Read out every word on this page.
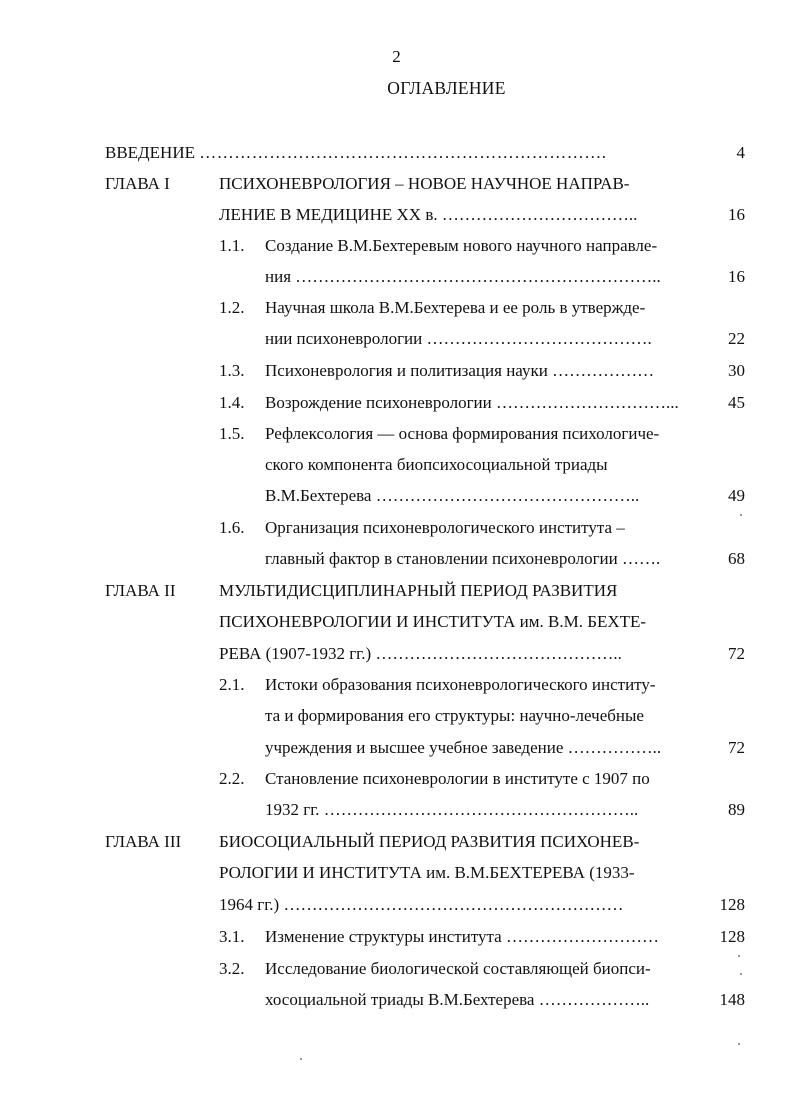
2
ОГЛАВЛЕНИЕ
ВВЕДЕНИЕ …………………………………………………………….	4
ГЛАВА I	ПСИХОНЕВРОЛОГИЯ – НОВОЕ НАУЧНОЕ НАПРАВ-
ЛЕНИЕ В МЕДИЦИНЕ ХХ в. ……………………………..	16
1.1. Создание В.М.Бехтеревым нового научного направле-
ния ………………………………………………………..	16
1.2. Научная школа В.М.Бехтерева и ее роль в утвержде-
нии психоневрологии ………………………………….	22
1.3. Психоневрология и политизация науки ………………	30
1.4. Возрождение психоневрологии …………………………...	45
1.5. Рефлексология — основа формирования психологиче-
ского компонента биопсихосоциальной триады
В.М.Бехтерева ………………………………………..	49
1.6. Организация психоневрологического института –
главный фактор в становлении психоневрологии …….	68
ГЛАВА II	МУЛЬТИДИСЦИПЛИНАРНЫЙ ПЕРИОД РАЗВИТИЯ
ПСИХОНЕВРОЛОГИИ И ИНСТИТУТА им. В.М. БЕХТЕ-
РЕВА (1907-1932 гг.) ……………………………………..	72
2.1. Истоки образования психоневрологического институ-
та и формирования его структуры: научно-лечебные
учреждения и высшее учебное заведение ……………..	72
2.2. Становление психоневрологии в институте с 1907 по
1932 гг. ………………………………………………..	89
ГЛАВА III БИОСОЦИАЛЬНЫЙ ПЕРИОД РАЗВИТИЯ ПСИХОНЕВ-
РОЛОГИИ И ИНСТИТУТА им. В.М.БЕХТЕРЕВА (1933-
1964 гг.) ……………………………………………………	128
3.1. Изменение структуры института ………………………	128
3.2. Исследование биологической составляющей биопси-
хосоциальной триады В.М.Бехтерева ………………..	148
